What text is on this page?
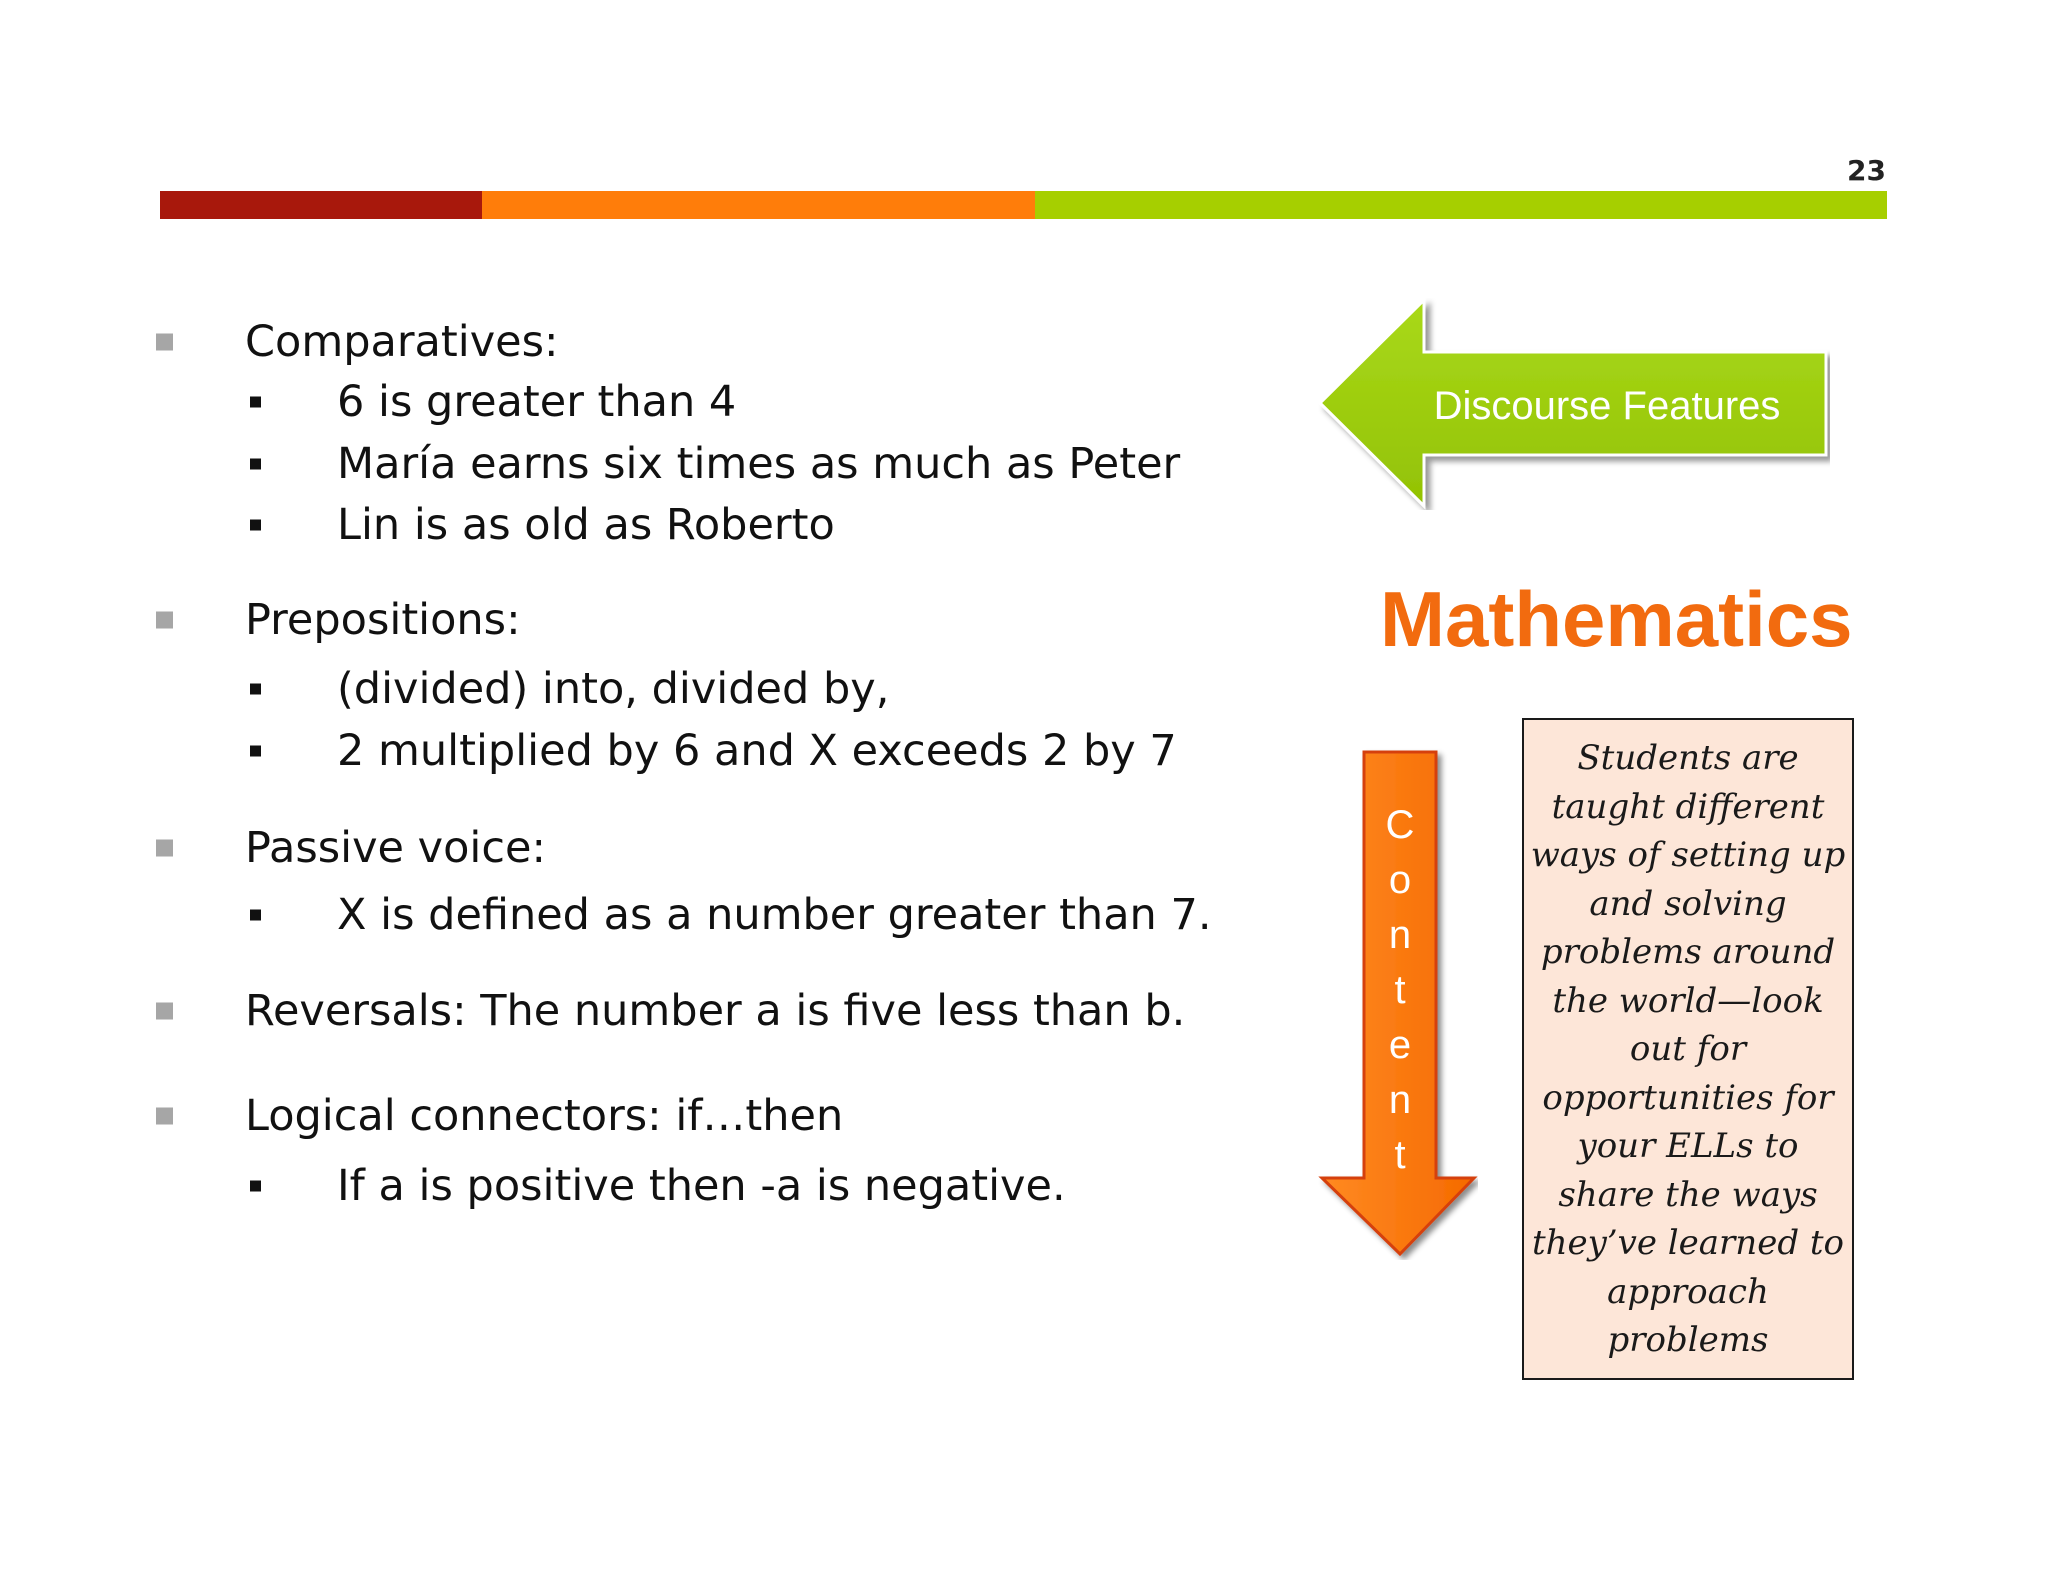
23
Comparatives:
6 is greater than 4
María earns six times as much as Peter
Lin is as old as Roberto
Prepositions:
(divided) into, divided by,
2 multiplied by 6 and X exceeds 2 by 7
Passive voice:
X is defined as a number greater than 7.
Reversals: The number a is five less than b.
Logical connectors: if…then
If a is positive then -a is negative.
Discourse Features
Mathematics
C
o
n
t
e
n
t
Students are
taught different
ways of setting up
and solving
problems around
the world—look
out for
opportunities for
your ELLs to
share the ways
they’ve learned to
approach
problems
